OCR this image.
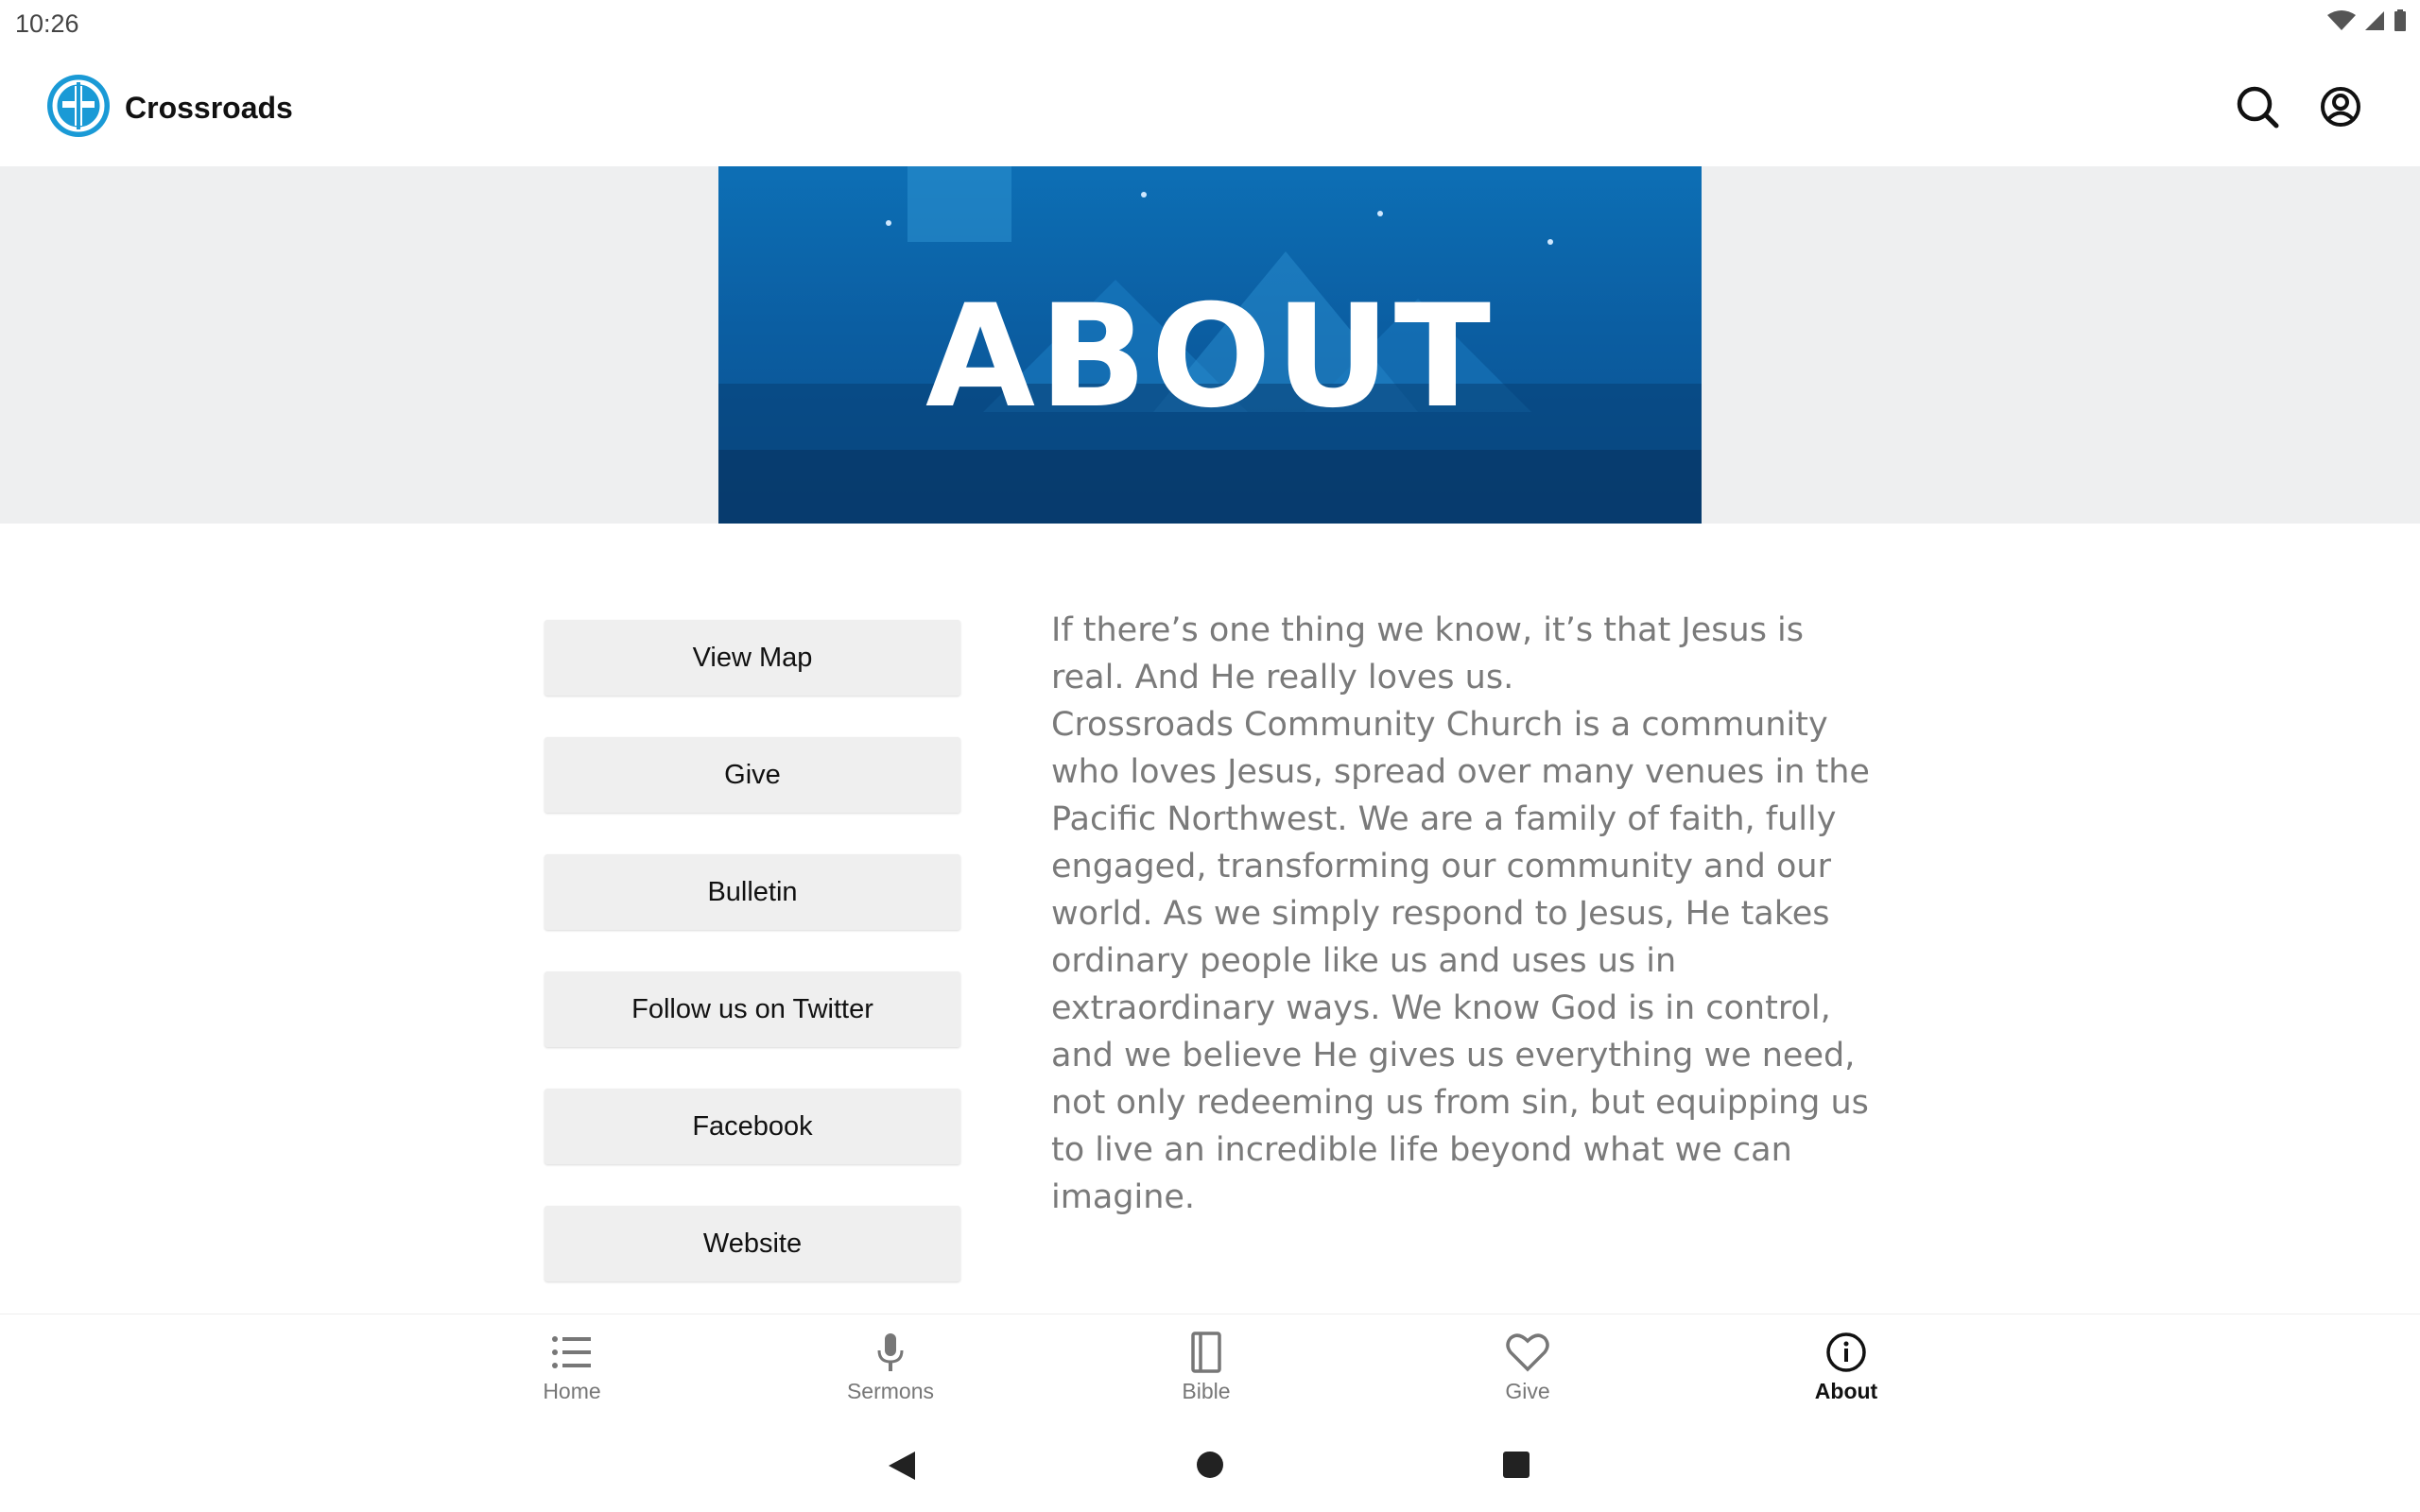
10:26
Crossroads
ABOUT
View Map
Give
Bulletin
Follow us on Twitter
Facebook
Website
If there’s one thing we know, it’s that Jesus is real. And He really loves us.
Crossroads Community Church is a community who loves Jesus, spread over many venues in the Pacific Northwest. We are a family of faith, fully engaged, transforming our community and our world. As we simply respond to Jesus, He takes ordinary people like us and uses us in extraordinary ways. We know God is in control, and we believe He gives us everything we need, not only redeeming us from sin, but equipping us to live an incredible life beyond what we can imagine.
Home	Sermons	Bible	Give	About
